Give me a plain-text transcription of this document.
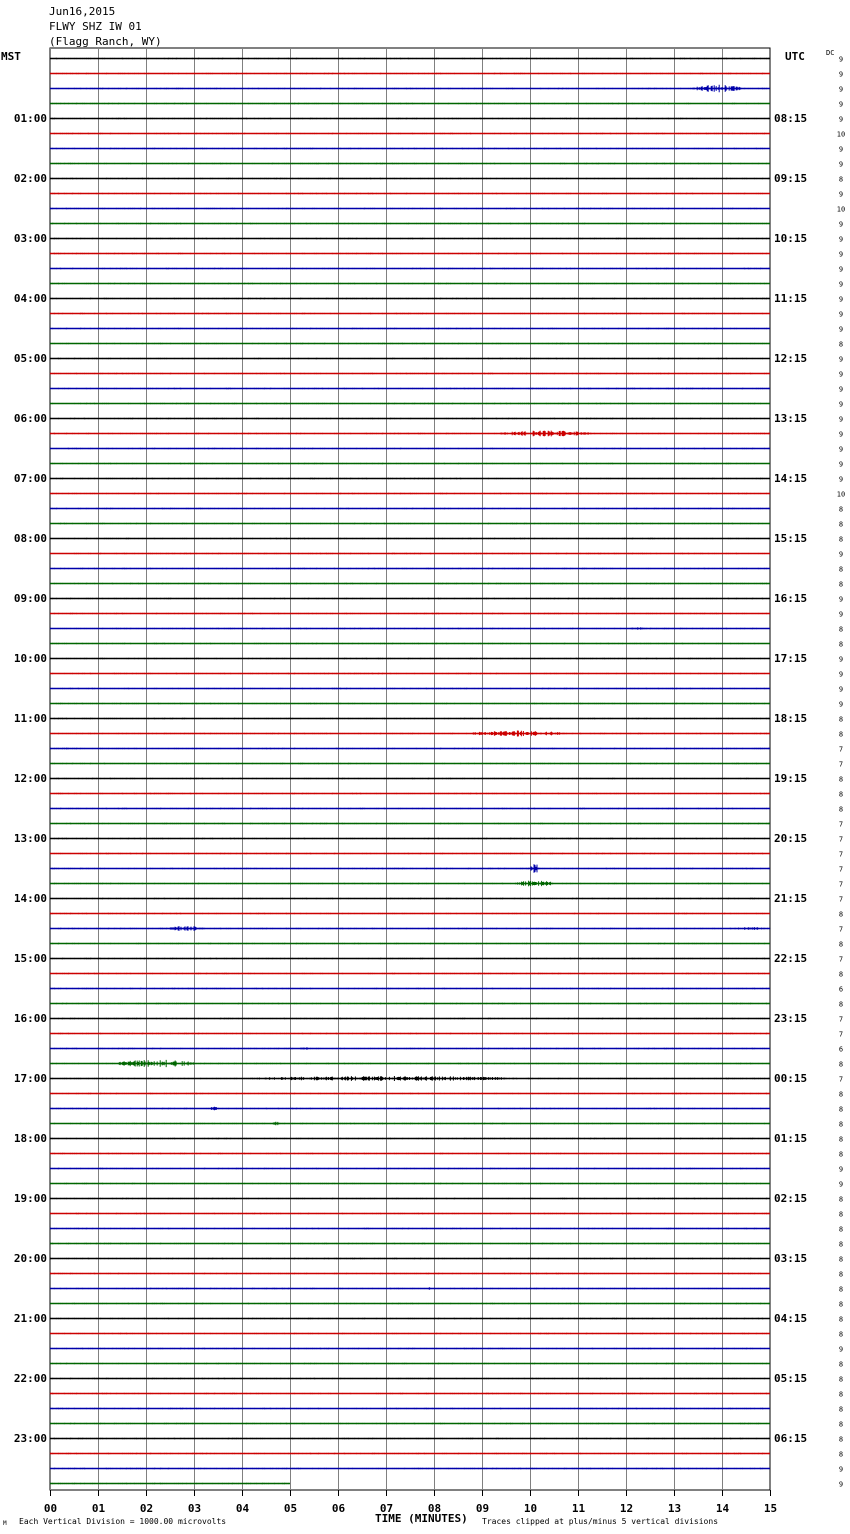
Jun16,2015
FLWY SHZ IW 01
(Flagg Ranch, WY)
MST	UTC	DC
00	01	02	03	04	05	06	07	08	09	10	11	12	13	14	15
9
9
9
9
9
10
9
9
8
9
10
9
9
9
9
9
9
9
9
8
9
9
9
9
9
9
9
9
9
10
8
8
8
9
8
8
9
9
8
8
9
9
9
9
8
8
7
7
8
8
8
7
7
7
7
7
7
8
7
8
7
8
6
8
7
7
6
8
7
8
8
8
8
8
9
9
8
8
8
8
8
8
8
8
8
8
9
8
8
8
8
8
8
8
9
9
01:00
02:00
03:00
04:00
05:00
06:00
07:00
08:00
09:00
10:00
11:00
12:00
13:00
14:00
15:00
16:00
17:00
18:00
19:00
20:00
21:00
22:00
23:00
08:15
09:15
10:15
11:15
12:15
13:15
14:15
15:15
16:15
17:15
18:15
19:15
20:15
21:15
22:15
23:15
00:15
01:15
02:15
03:15
04:15
05:15
06:15
TIME (MINUTES)
Each Vertical Division = 1000.00 microvolts	Traces clipped at plus/minus 5 vertical divisions
M
